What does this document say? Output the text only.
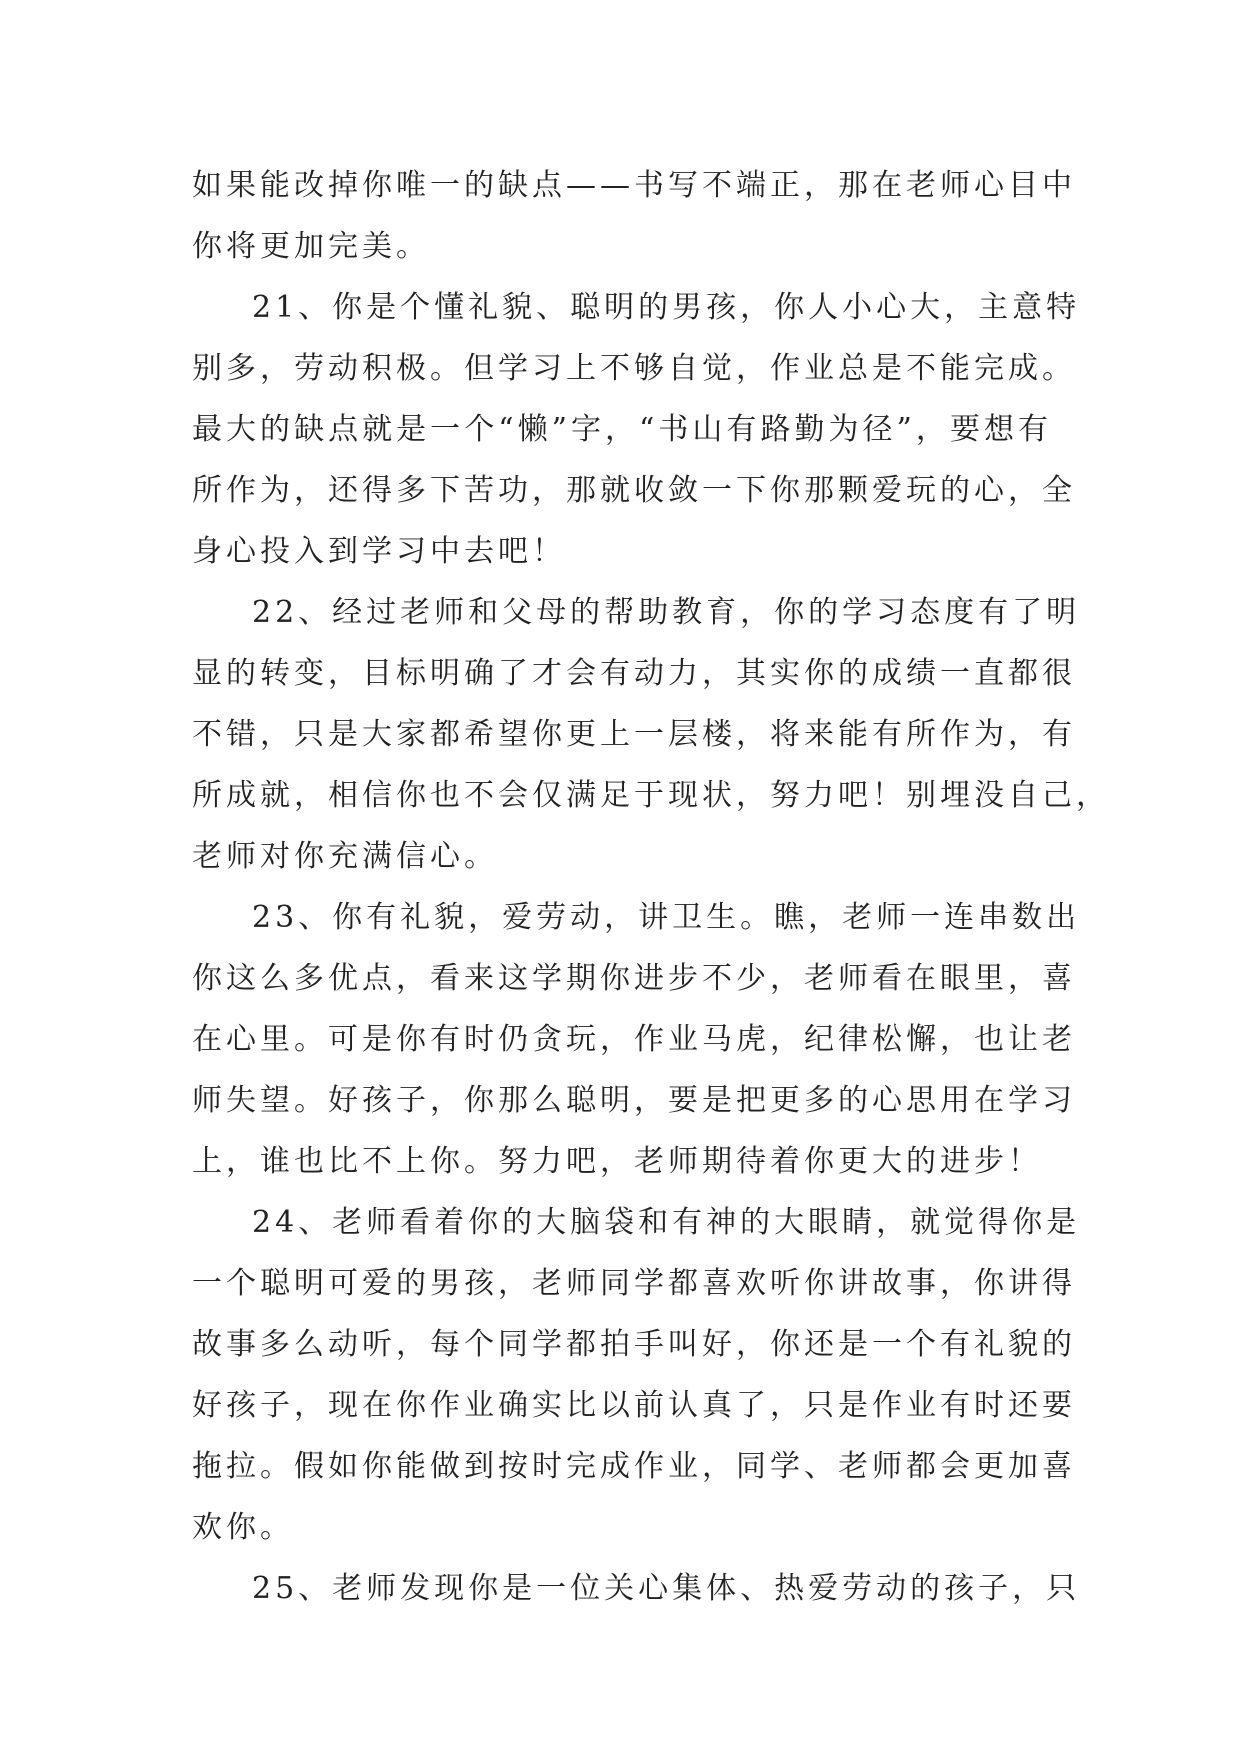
如果能改掉你唯一的缺点——书写不端正，那在老师心目中
你将更加完美。
21、你是个懂礼貌、聪明的男孩，你人小心大，主意特
别多，劳动积极。但学习上不够自觉，作业总是不能完成。
最大的缺点就是一个“懒”字，“书山有路勤为径”，要想有
所作为，还得多下苦功，那就收敛一下你那颗爱玩的心，全
身心投入到学习中去吧！
22、经过老师和父母的帮助教育，你的学习态度有了明
显的转变，目标明确了才会有动力，其实你的成绩一直都很
不错，只是大家都希望你更上一层楼，将来能有所作为，有
所成就，相信你也不会仅满足于现状，努力吧！别埋没自己，
老师对你充满信心。
23、你有礼貌，爱劳动，讲卫生。瞧，老师一连串数出
你这么多优点，看来这学期你进步不少，老师看在眼里，喜
在心里。可是你有时仍贪玩，作业马虎，纪律松懈，也让老
师失望。好孩子，你那么聪明，要是把更多的心思用在学习
上，谁也比不上你。努力吧，老师期待着你更大的进步！
24、老师看着你的大脑袋和有神的大眼睛，就觉得你是
一个聪明可爱的男孩，老师同学都喜欢听你讲故事，你讲得
故事多么动听，每个同学都拍手叫好，你还是一个有礼貌的
好孩子，现在你作业确实比以前认真了，只是作业有时还要
拖拉。假如你能做到按时完成作业，同学、老师都会更加喜
欢你。
25、老师发现你是一位关心集体、热爱劳动的孩子，只
